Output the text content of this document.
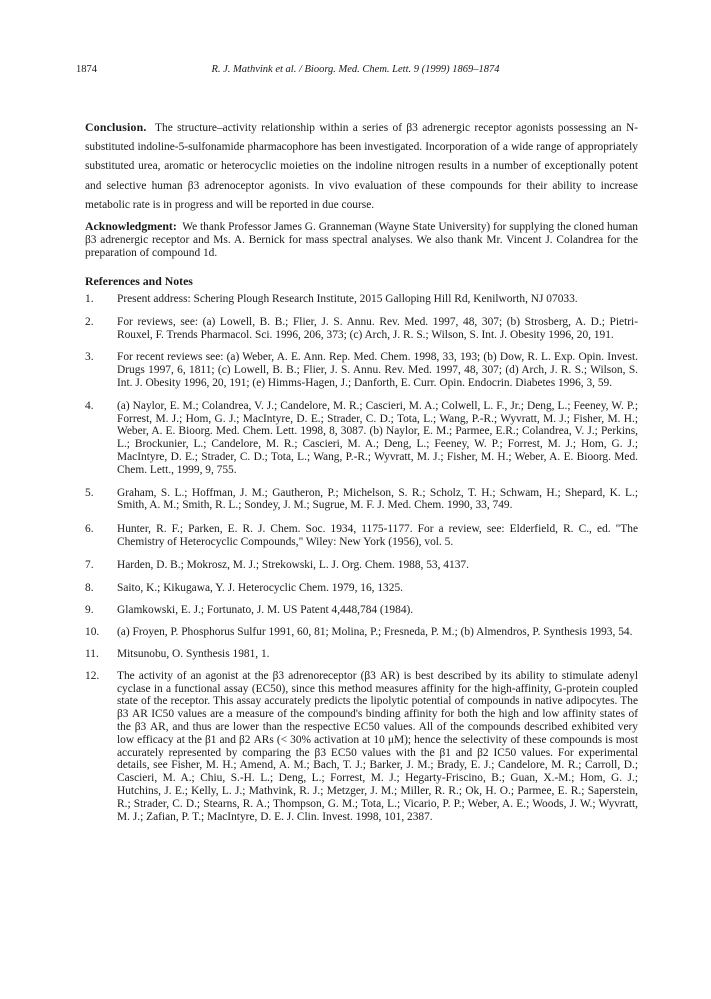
1874	R. J. Mathvink et al. / Bioorg. Med. Chem. Lett. 9 (1999) 1869–1874
Conclusion. The structure–activity relationship within a series of β3 adrenergic receptor agonists possessing an N-substituted indoline-5-sulfonamide pharmacophore has been investigated. Incorporation of a wide range of appropriately substituted urea, aromatic or heterocyclic moieties on the indoline nitrogen results in a number of exceptionally potent and selective human β3 adrenoceptor agonists. In vivo evaluation of these compounds for their ability to increase metabolic rate is in progress and will be reported in due course.
Acknowledgment: We thank Professor James G. Granneman (Wayne State University) for supplying the cloned human β3 adrenergic receptor and Ms. A. Bernick for mass spectral analyses. We also thank Mr. Vincent J. Colandrea for the preparation of compound 1d.
References and Notes
1.	Present address: Schering Plough Research Institute, 2015 Galloping Hill Rd, Kenilworth, NJ 07033.
2.	For reviews, see: (a) Lowell, B. B.; Flier, J. S. Annu. Rev. Med. 1997, 48, 307; (b) Strosberg, A. D.; Pietri-Rouxel, F. Trends Pharmacol. Sci. 1996, 206, 373; (c) Arch, J. R. S.; Wilson, S. Int. J. Obesity 1996, 20, 191.
3.	For recent reviews see: (a) Weber, A. E. Ann. Rep. Med. Chem. 1998, 33, 193; (b) Dow, R. L. Exp. Opin. Invest. Drugs 1997, 6, 1811; (c) Lowell, B. B.; Flier, J. S. Annu. Rev. Med. 1997, 48, 307; (d) Arch, J. R. S.; Wilson, S. Int. J. Obesity 1996, 20, 191; (e) Himms-Hagen, J.; Danforth, E. Curr. Opin. Endocrin. Diabetes 1996, 3, 59.
4.	(a) Naylor, E. M.; Colandrea, V. J.; Candelore, M. R.; Cascieri, M. A.; Colwell, L. F., Jr.; Deng, L.; Feeney, W. P.; Forrest, M. J.; Hom, G. J.; MacIntyre, D. E.; Strader, C. D.; Tota, L.; Wang, P.-R.; Wyvratt, M. J.; Fisher, M. H.; Weber, A. E. Bioorg. Med. Chem. Lett. 1998, 8, 3087. (b) Naylor, E. M.; Parmee, E.R.; Colandrea, V. J.; Perkins, L.; Brockunier, L.; Candelore, M. R.; Cascieri, M. A.; Deng, L.; Feeney, W. P.; Forrest, M. J.; Hom, G. J.; MacIntyre, D. E.; Strader, C. D.; Tota, L.; Wang, P.-R.; Wyvratt, M. J.; Fisher, M. H.; Weber, A. E. Bioorg. Med. Chem. Lett., 1999, 9, 755.
5.	Graham, S. L.; Hoffman, J. M.; Gautheron, P.; Michelson, S. R.; Scholz, T. H.; Schwam, H.; Shepard, K. L.; Smith, A. M.; Smith, R. L.; Sondey, J. M.; Sugrue, M. F. J. Med. Chem. 1990, 33, 749.
6.	Hunter, R. F.; Parken, E. R. J. Chem. Soc. 1934, 1175-1177. For a review, see: Elderfield, R. C., ed. "The Chemistry of Heterocyclic Compounds," Wiley: New York (1956), vol. 5.
7.	Harden, D. B.; Mokrosz, M. J.; Strekowski, L. J. Org. Chem. 1988, 53, 4137.
8.	Saito, K.; Kikugawa, Y. J. Heterocyclic Chem. 1979, 16, 1325.
9.	Glamkowski, E. J.; Fortunato, J. M. US Patent 4,448,784 (1984).
10.	(a) Froyen, P. Phosphorus Sulfur 1991, 60, 81; Molina, P.; Fresneda, P. M.; (b) Almendros, P. Synthesis 1993, 54.
11.	Mitsunobu, O. Synthesis 1981, 1.
12.	The activity of an agonist at the β3 adrenoreceptor (β3 AR) is best described by its ability to stimulate adenyl cyclase in a functional assay (EC50), since this method measures affinity for the high-affinity, G-protein coupled state of the receptor. This assay accurately predicts the lipolytic potential of compounds in native adipocytes. The β3 AR IC50 values are a measure of the compound's binding affinity for both the high and low affinity states of the β3 AR, and thus are lower than the respective EC50 values. All of the compounds described exhibited very low efficacy at the β1 and β2 ARs (< 30% activation at 10 μM); hence the selectivity of these compounds is most accurately represented by comparing the β3 EC50 values with the β1 and β2 IC50 values. For experimental details, see Fisher, M. H.; Amend, A. M.; Bach, T. J.; Barker, J. M.; Brady, E. J.; Candelore, M. R.; Carroll, D.; Cascieri, M. A.; Chiu, S.-H. L.; Deng, L.; Forrest, M. J.; Hegarty-Friscino, B.; Guan, X.-M.; Hom, G. J.; Hutchins, J. E.; Kelly, L. J.; Mathvink, R. J.; Metzger, J. M.; Miller, R. R.; Ok, H. O.; Parmee, E. R.; Saperstein, R.; Strader, C. D.; Stearns, R. A.; Thompson, G. M.; Tota, L.; Vicario, P. P.; Weber, A. E.; Woods, J. W.; Wyvratt, M. J.; Zafian, P. T.; MacIntyre, D. E. J. Clin. Invest. 1998, 101, 2387.
